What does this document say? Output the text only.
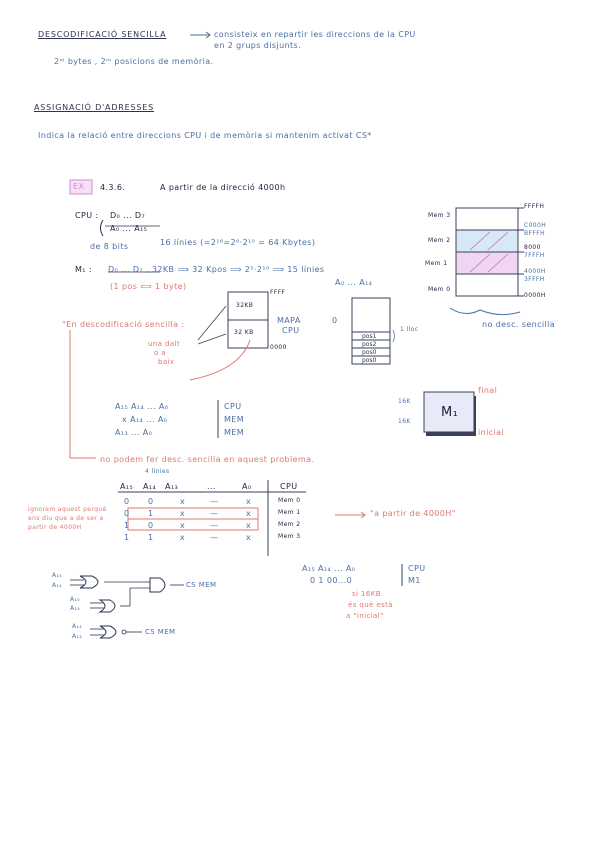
DESCODIFICACIÓ SENCILLA	consisteix en repartir les direccions de la CPU
en 2 grups disjunts.
2ᵐ bytes , 2ᵐ posicions de memòria.
ASSIGNACIÓ D'ADRESSES
Indica la relació entre direccions CPU i de memòria si mantenim activat CS*
EX 4.3.6.	A partir de la direcció 4000h
CPU : D₀ ... D₇
A₀ ... A₁₅
de 8 bits	16 línies (=2¹⁶=2⁶·2¹⁰ = 64 Kbytes)
M₁ : D₀ ... D₇ , 32KB ⟹ 32 Kpos ⟹ 2⁵·2¹⁰ ⟹ 15 línies
A₀ ... A₁₄
(1 pos ⟺ 1 byte)
Mem 3
Mem 2
Mem 1
Mem 0
FFFFH
C000H
BFFFH
8000
7FFFH
4000H
3FFFH
0000H
no desc. sencilla
"En descodificació sencilla :
32KB
32 KB
FFFF
0000
MAPA
CPU
una dalt
o a
baix
0
pos1
pos2
pos0
pos0
1 lloc
A₁₅ A₁₄ ... A₀	CPU
x A₁₄ ... A₀	MEM
A₁₃ ... A₀	MEM
M₁
16K
16K
final
inicial
no podem fer desc. sencilla en aquest problema.
4 línies
A₁₅ A₁₄ A₁₃	...	A₀	CPU
0 0	x	—	x	Mem 0
0 1	x	—	x	Mem 1
1 0	x	—	x	Mem 2
1 1	x	—	x	Mem 3
ignorem aquest perquè ens diu que a de ser a partir de 4000H
"a partir de 4000H"
A₁₅ A₁₄ ... A₀	CPU
0 1 00...0	M1
si 16KB
és què està
a "inicial"
A₁₅
A₁₄
A₁₅
A₁₄
A₁₄
A₁₃
CS MEM
CS MEM
